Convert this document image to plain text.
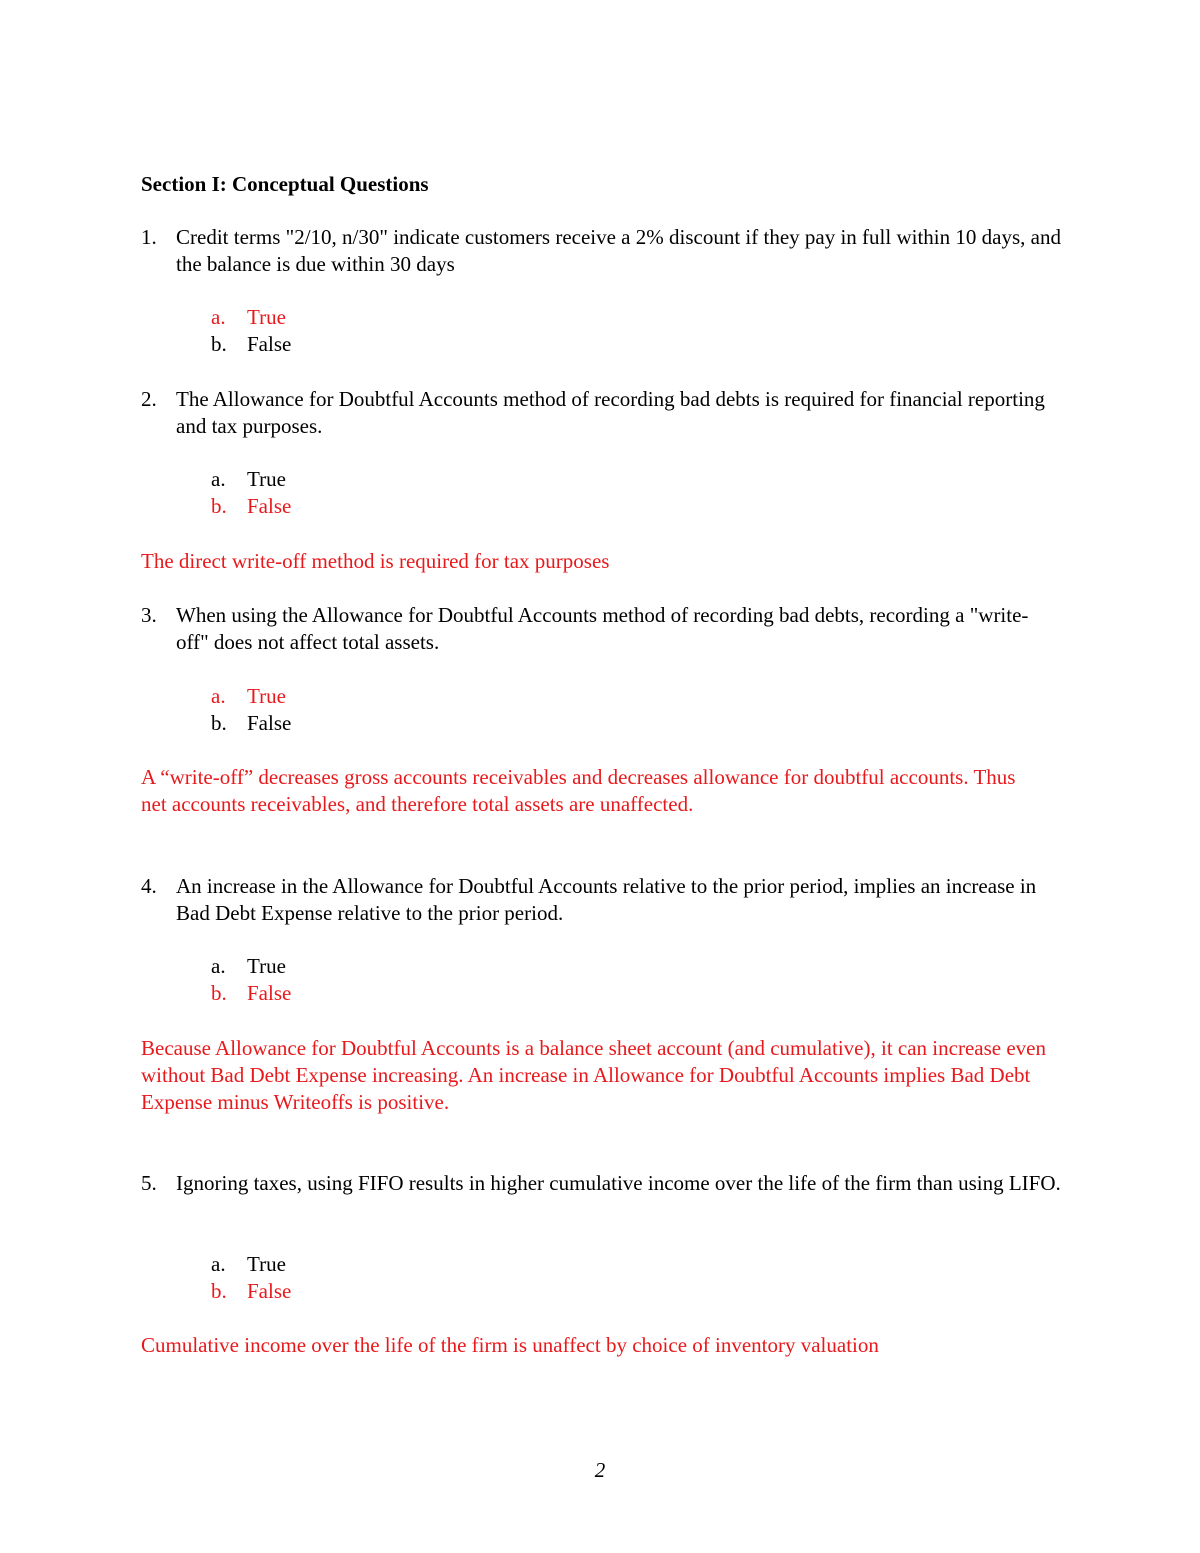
Section I: Conceptual Questions
1. Credit terms "2/10, n/30" indicate customers receive a 2% discount if they pay in full within 10 days, and the balance is due within 30 days
a. True
b. False
2. The Allowance for Doubtful Accounts method of recording bad debts is required for financial reporting and tax purposes.
a. True
b. False
The direct write-off method is required for tax purposes
3. When using the Allowance for Doubtful Accounts method of recording bad debts, recording a "write-off" does not affect total assets.
a. True
b. False
A “write-off” decreases gross accounts receivables and decreases allowance for doubtful accounts. Thus net accounts receivables, and therefore total assets are unaffected.
4. An increase in the Allowance for Doubtful Accounts relative to the prior period, implies an increase in Bad Debt Expense relative to the prior period.
a. True
b. False
Because Allowance for Doubtful Accounts is a balance sheet account (and cumulative), it can increase even without Bad Debt Expense increasing. An increase in Allowance for Doubtful Accounts implies Bad Debt Expense minus Writeoffs is positive.
5. Ignoring taxes, using FIFO results in higher cumulative income over the life of the firm than using LIFO.
a. True
b. False
Cumulative income over the life of the firm is unaffect by choice of inventory valuation
2
